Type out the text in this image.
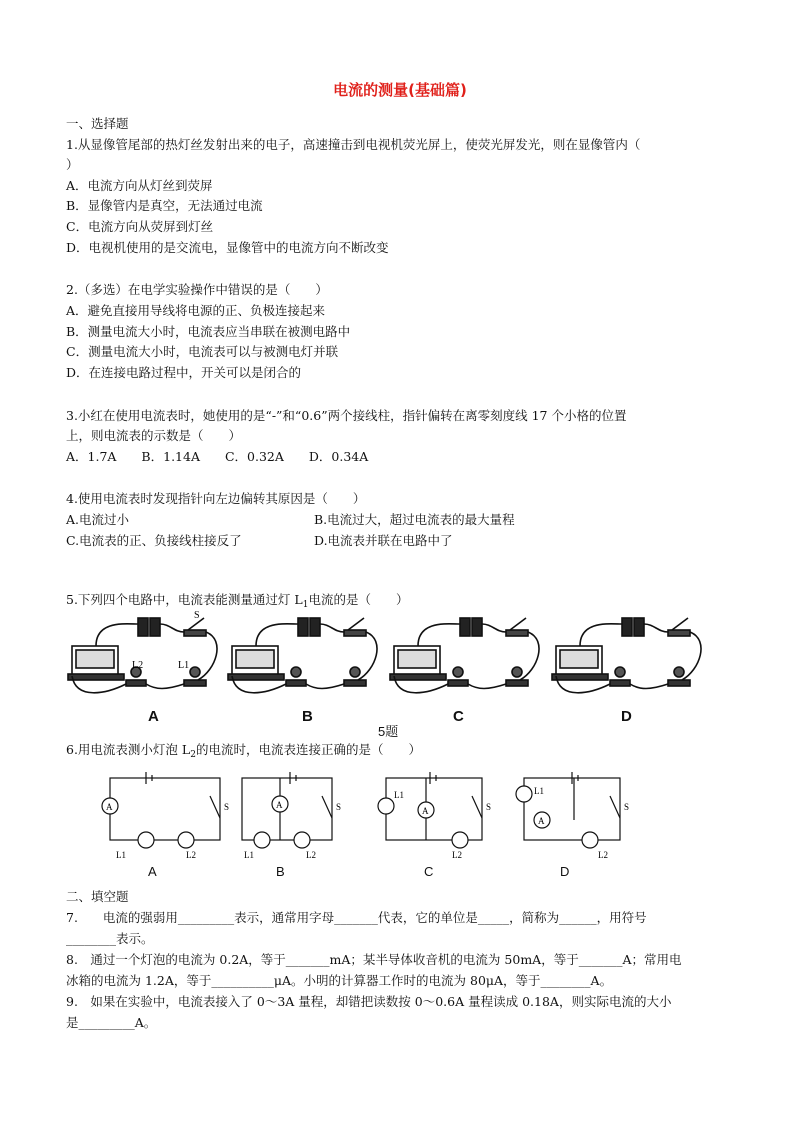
电流的测量(基础篇)
一、选择题
1.从显像管尾部的热灯丝发射出来的电子，高速撞击到电视机荧光屏上，使荧光屏发光，则在显像管内（
）
A．电流方向从灯丝到荧屏
B．显像管内是真空，无法通过电流
C．电流方向从荧屏到灯丝
D．电视机使用的是交流电，显像管中的电流方向不断改变
2.（多选）在电学实验操作中错误的是（　　）
A．避免直接用导线将电源的正、负极连接起来
B．测量电流大小时，电流表应当串联在被测电路中
C．测量电流大小时，电流表可以与被测电灯并联
D．在连接电路过程中，开关可以是闭合的
3.小红在使用电流表时，她使用的是“-”和“0.6”两个接线柱，指针偏转在离零刻度线 17 个小格的位置
上，则电流表的示数是（　　）
A．1.7A　　B．1.14A　　C．0.32A　　D．0.34A
4.使用电流表时发现指针向左边偏转其原因是（　　）
A.电流过小	B.电流过大，超过电流表的最大量程
C.电流表的正、负接线柱接反了	D.电流表并联在电路中了
5.下列四个电路中，电流表能测量通过灯 $L_1$电流的是（　　）
L2	L1
S
A	B	C	D
5题
6.用电流表测小灯泡 $L_2$的电流时，电流表连接正确的是（　　）
A	A
A
A
S	S	S	S
L1	L2	L1	L2
L1
L2
L1
L2
A	B	C	D
二、填空题
7.　　电流的强弱用_________表示，通常用字母_______代表，它的单位是_____，简称为______，用符号
________表示。
8.　通过一个灯泡的电流为 0.2A，等于_______mA；某半导体收音机的电流为 50mA，等于_______A；常用电
冰箱的电流为 1.2A，等于__________μA。小明的计算器工作时的电流为 80μA，等于________A。
9.　如果在实验中，电流表接入了 0～3A 量程，却错把读数按 0～0.6A 量程读成 0.18A，则实际电流的大小
是_________A。
